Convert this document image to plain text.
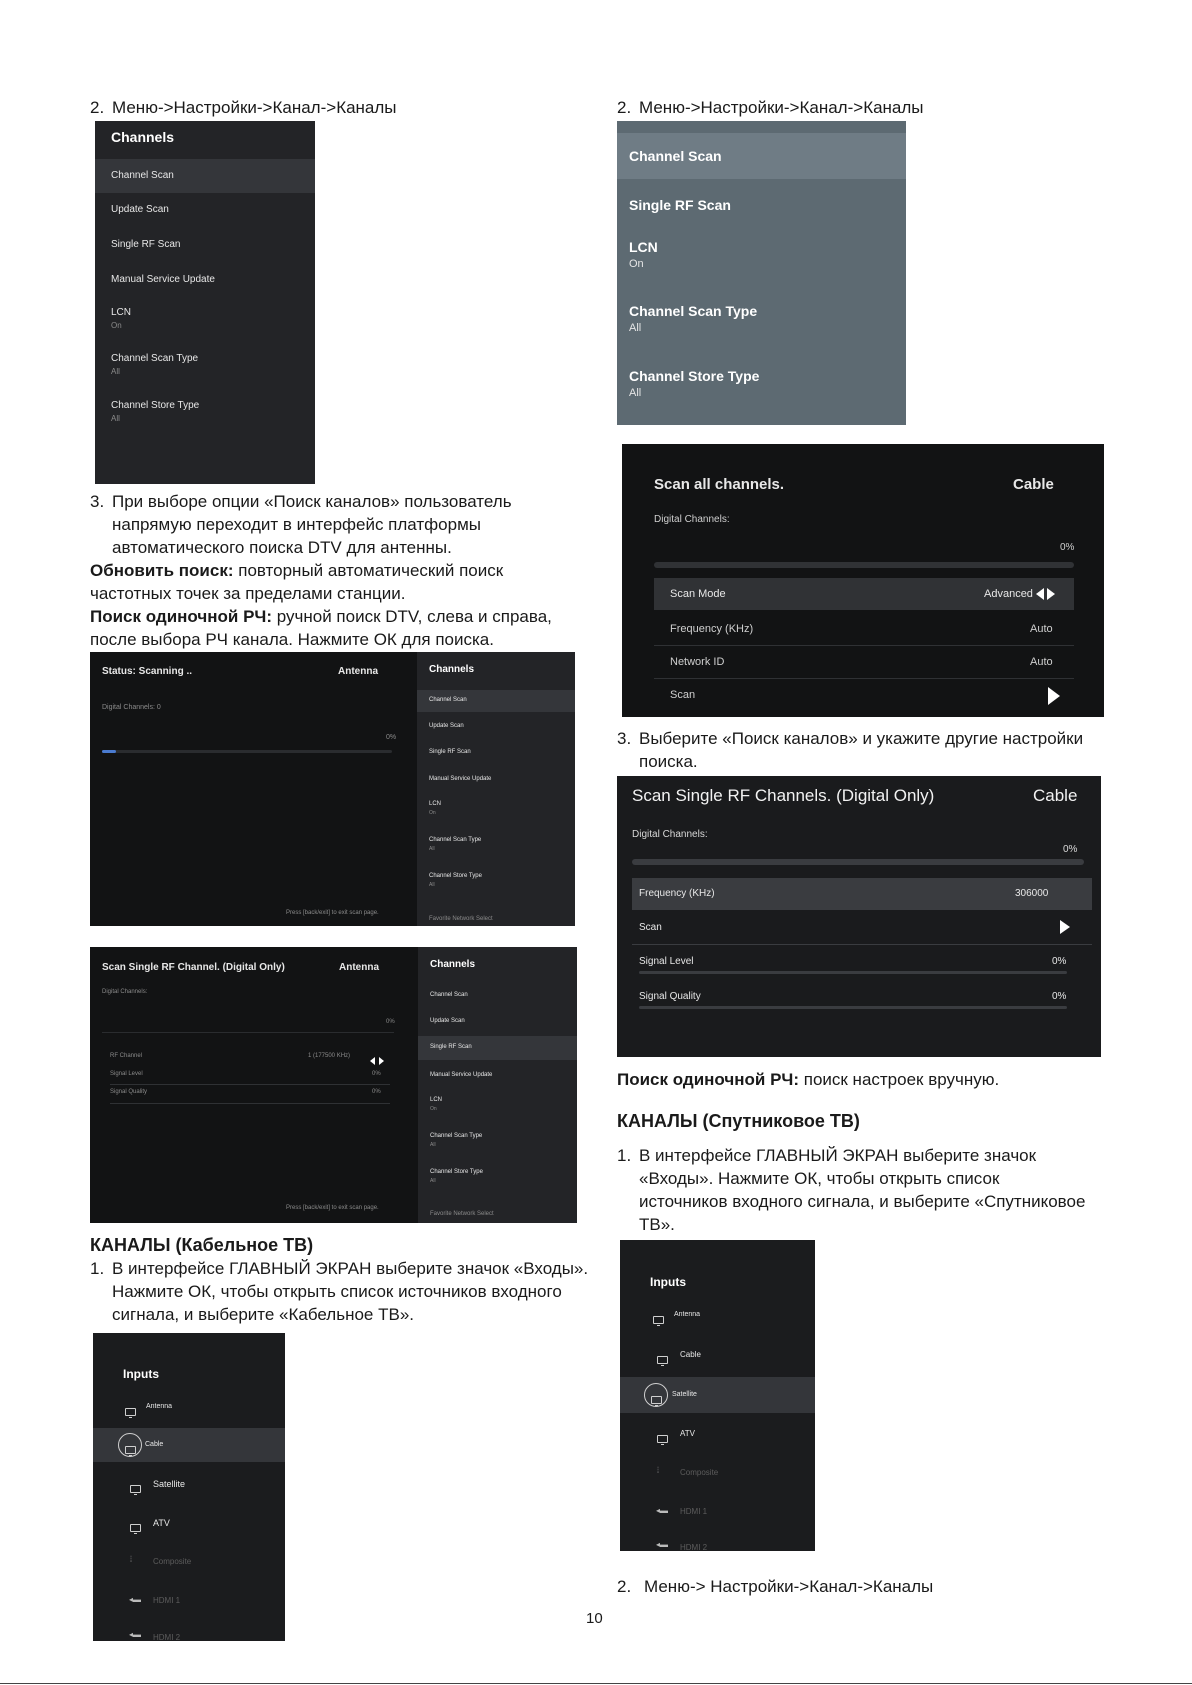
2. Меню->Настройки->Канал->Каналы
Channels
Channel Scan
Update Scan
Single RF Scan
Manual Service Update
LCN
On
Channel Scan Type
All
Channel Store Type
All
3. При выборе опции «Поиск каналов» пользователь напрямую переходит в интерфейс платформы автоматического поиска DTV для антенны.
Обновить поиск: повторный автоматический поиск частотных точек за пределами станции.
Поиск одиночной РЧ: ручной поиск DTV, слева и справа, после выбора РЧ канала. Нажмите ОК для поиска.
Status: Scanning ..	Antenna
Digital Channels: 0
0%
Press [back/exit] to exit scan page.
Channels
Channel Scan
Update Scan
Single RF Scan
Manual Service Update
LCN
On
Channel Scan Type
All
Channel Store Type
All
Favorite Network Select
Scan Single RF Channel. (Digital Only)	Antenna
Digital Channels:
0%
RF Channel	1 (177500 KHz)

Signal Level	0%
Signal Quality	0%
Press [back/exit] to exit scan page.
Channels
Channel Scan
Update Scan
Single RF Scan
Manual Service Update
LCN
On
Channel Scan Type
All
Channel Store Type
All
Favorite Network Select
КАНАЛЫ (Кабельное ТВ)
1. В интерфейсе ГЛАВНЫЙ ЭКРАН выберите значок «Входы». Нажмите ОК, чтобы открыть список источников входного сигнала, и выберите «Кабельное ТВ».
Inputs
Antenna
Cable
Satellite
ATV
⦙	Composite
◂▬ HDMI 1
◂▬ HDMI 2
2. Меню->Настройки->Канал->Каналы
Channel Scan
Single RF Scan
LCN
On
Channel Scan Type
All
Channel Store Type
All
Scan all channels.	Cable
Digital Channels:
0%
Scan Mode	Advanced
Frequency (KHz)	Auto
Network ID	Auto
Scan
3. Выберите «Поиск каналов» и укажите другие настройки поиска.
Scan Single RF Channels. (Digital Only)	Cable
Digital Channels:
0%
Frequency (KHz)	306000
Scan
Signal Level	0%
Signal Quality	0%
Поиск одиночной РЧ: поиск настроек вручную.
КАНАЛЫ (Спутниковое ТВ)
1. В интерфейсе ГЛАВНЫЙ ЭКРАН выберите значок «Входы». Нажмите ОК, чтобы открыть список источников входного сигнала, и выберите «Спутниковое ТВ».
Inputs
Antenna
Cable
Satellite
ATV
⦙	Composite
◂▬ HDMI 1
◂▬ HDMI 2
2. Меню-> Настройки->Канал->Каналы
10
